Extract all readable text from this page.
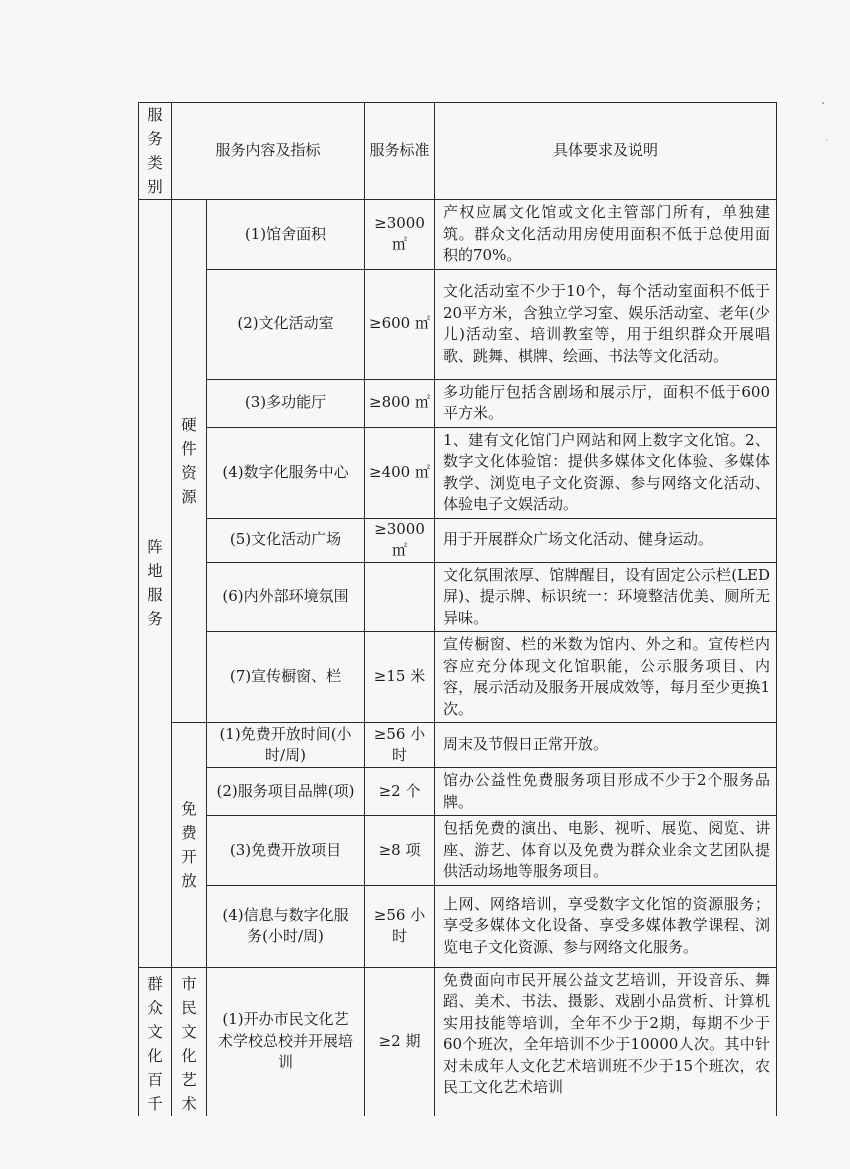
服务类别	服务内容及指标		服务标准	具体要求及说明
阵地服务	硬件资源	(1)馆舍面积	≥3000 ㎡	产权应属文化馆或文化主管部门所有，单独建筑。群众文化活动用房使用面积不低于总使用面积的70%。
		(2)文化活动室	≥600 ㎡	文化活动室不少于10个，每个活动室面积不低于20平方米，含独立学习室、娱乐活动室、老年(少儿)活动室、培训教室等，用于组织群众开展唱歌、跳舞、棋牌、绘画、书法等文化活动。
		(3)多功能厅	≥800 ㎡	多功能厅包括含剧场和展示厅，面积不低于600平方米。
		(4)数字化服务中心	≥400 ㎡	1、建有文化馆门户网站和网上数字文化馆。2、数字文化体验馆：提供多媒体文化体验、多媒体教学、浏览电子文化资源、参与网络文化活动、体验电子文娱活动。
		(5)文化活动广场	≥3000 ㎡	用于开展群众广场文化活动、健身运动。
		(6)内外部环境氛围		文化氛围浓厚、馆牌醒目，设有固定公示栏(LED屏)、提示牌、标识统一：环境整洁优美、厕所无异味。
		(7)宣传橱窗、栏	≥15 米	宣传橱窗、栏的米数为馆内、外之和。宣传栏内容应充分体现文化馆职能，公示服务项目、内容，展示活动及服务开展成效等，每月至少更换1次。
	免费开放	(1)免费开放时间(小时/周)	≥56 小时	周末及节假日正常开放。
		(2)服务项目品牌(项)	≥2 个	馆办公益性免费服务项目形成不少于2个服务品牌。
		(3)免费开放项目	≥8 项	包括免费的演出、电影、视听、展览、阅览、讲座、游艺、体育以及免费为群众业余文艺团队提供活动场地等服务项目。
		(4)信息与数字化服务(小时/周)	≥56 小时	上网、网络培训，享受数字文化馆的资源服务；享受多媒体文化设备、享受多媒体教学课程、浏览电子文化资源、参与网络文化服务。
群众文化百千	市民文化艺术	(1)开办市民文化艺术学校总校并开展培训	≥2 期	免费面向市民开展公益文艺培训，开设音乐、舞蹈、美术、书法、摄影、戏剧小品赏析、计算机实用技能等培训，全年不少于2期，每期不少于60个班次，全年培训不少于10000人次。其中针对未成年人文化艺术培训班不少于15个班次，农民工文化艺术培训
